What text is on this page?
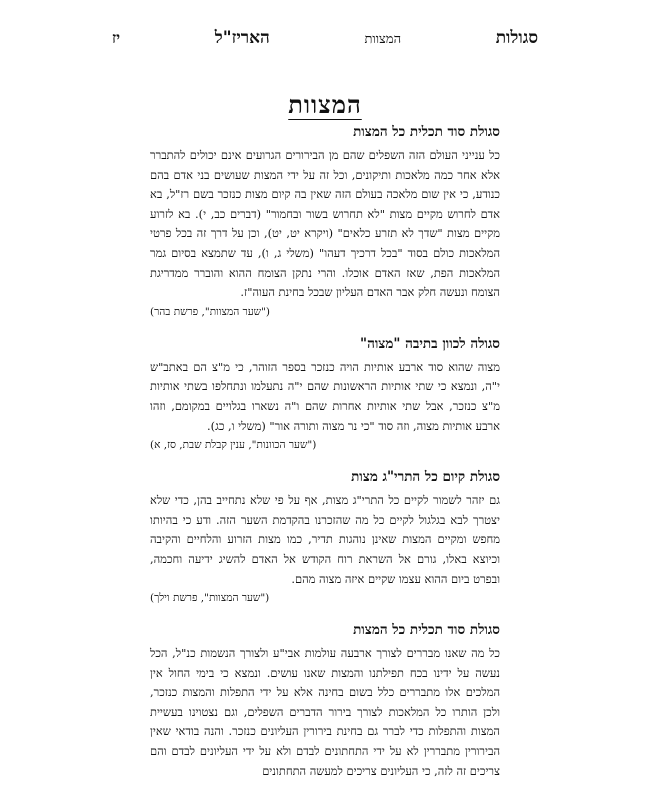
סגולות
המצוות
האריז"ל
יז
המצוות

סגולת סוד תכלית כל המצות

כל ענייני העולם הזה השפלים שהם מן הבירורים הגרועים אינם יכולים להתברר אלא אחר כמה מלאכות ותיקונים, וכל זה על ידי המצות שעושים בני אדם בהם כנודע, כי אין שום מלאכה בעולם הזה שאין בה קיום מצות כנזכר בשם רז"ל, בא אדם לחרוש מקיים מצות "לא תחרוש בשור ובחמור" (דברים כב, י). בא לזרוע מקיים מצות "שדך לא תזרע כלאים" (ויקרא יט, יט), וכן על דרך זה בכל פרטי המלאכות כולם בסוד "בכל דרכיך דעהו" (משלי ג, ו), עד שתמצא בסיום גמר המלאכות הפת, שאז האדם אוכלו. והרי נתקן הצומח ההוא והוברר ממדריגת הצומח ונעשה חלק אבר האדם העליון שבכל בחינת העוה"ז.

("שער המצוות", פרשת בהר)

סגולה לכוון בתיבה "מצוה"

מצוה שהוא סוד ארבע אותיות הויה כנזכר בספר הזוהר, כי מ"צ הם באתב"ש י"ה, ונמצא כי שתי אותיות הראשונות שהם י"ה נתעלמו ונתחלפו בשתי אותיות מ"צ כנזכר, אבל שתי אותיות אחרות שהם ו"ה נשארו בגלויים במקומם, וזהו ארבע אותיות מצוה, וזה סוד "כי נר מצוה ותורה אור" (משלי ו, כג).

("שער הכוונות", ענין קבלת שבת, סז, א)

סגולת קיום כל התרי"ג מצות

גם יזהר לשמור לקיים כל התרי"ג מצות, אף על פי שלא נתחייב בהן, כדי שלא יצטרך לבא בגלגול לקיים כל מה שהזכרנו בהקדמת השער הזה. ודע כי בהיותו מחפש ומקיים המצות שאינן נוהגות תדיר, כמו מצות הזרוע והלחיים והקיבה וכיוצא באלו, גורם אל השראת רוח הקודש אל האדם להשיג ידיעה וחכמה, ובפרט ביום ההוא עצמו שקיים איזה מצוה מהם.

("שער המצוות", פרשת וילך)

סגולת סוד תכלית כל המצות

כל מה שאנו מבררים לצורך ארבעה עולמות אבי"ע ולצורך הנשמות כנ"ל, הכל נעשה על ידינו בכח תפילתנו והמצות שאנו עושים. ונמצא כי בימי החול אין המלכים אלו מתבררים כלל בשום בחינה אלא על ידי התפלות והמצות כנזכר, ולכן הותרו כל המלאכות לצורך בירור הדברים השפלים, וגם נצטוינו בעשיית המצות והתפלות כדי לברר גם בחינת בירורין העליונים כנזכר. והנה בודאי שאין הבירורין מתבררין לא על ידי התחתונים לבדם ולא על ידי העליונים לבדם והם צריכים זה לזה, כי העליונים צריכים למעשה התחתונים
